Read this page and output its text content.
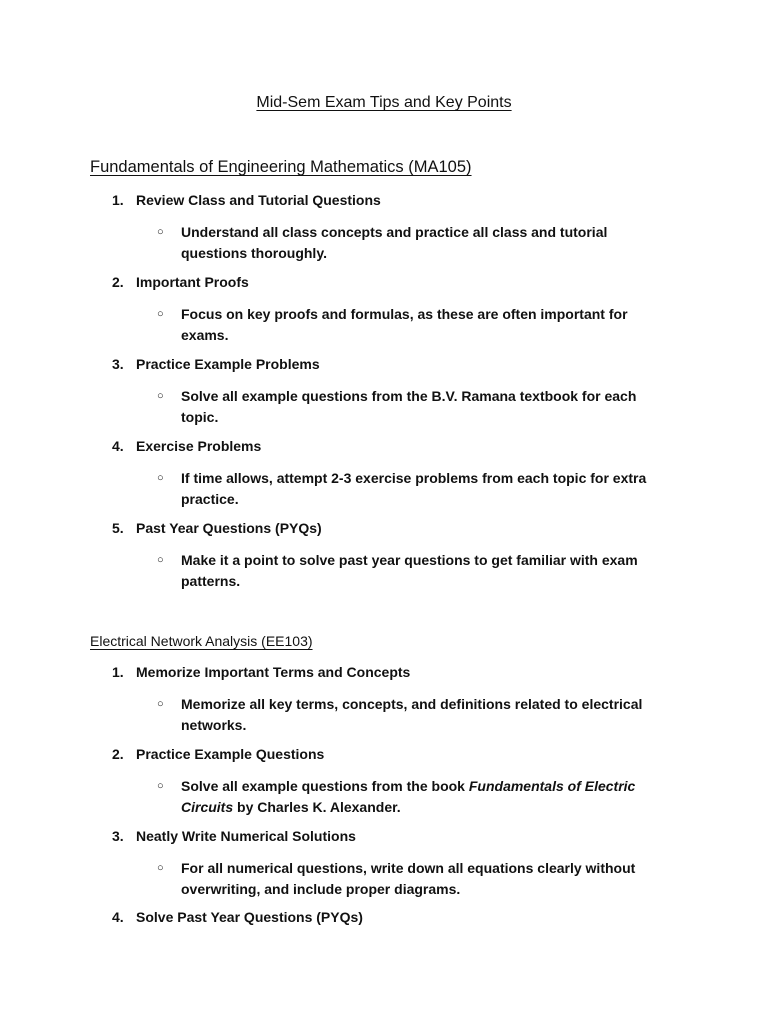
Mid-Sem Exam Tips and Key Points
Fundamentals of Engineering Mathematics (MA105)
1. Review Class and Tutorial Questions
○ Understand all class concepts and practice all class and tutorial questions thoroughly.
2. Important Proofs
○ Focus on key proofs and formulas, as these are often important for exams.
3. Practice Example Problems
○ Solve all example questions from the B.V. Ramana textbook for each topic.
4. Exercise Problems
○ If time allows, attempt 2-3 exercise problems from each topic for extra practice.
5. Past Year Questions (PYQs)
○ Make it a point to solve past year questions to get familiar with exam patterns.
Electrical Network Analysis (EE103)
1. Memorize Important Terms and Concepts
○ Memorize all key terms, concepts, and definitions related to electrical networks.
2. Practice Example Questions
○ Solve all example questions from the book Fundamentals of Electric Circuits by Charles K. Alexander.
3. Neatly Write Numerical Solutions
○ For all numerical questions, write down all equations clearly without overwriting, and include proper diagrams.
4. Solve Past Year Questions (PYQs)
